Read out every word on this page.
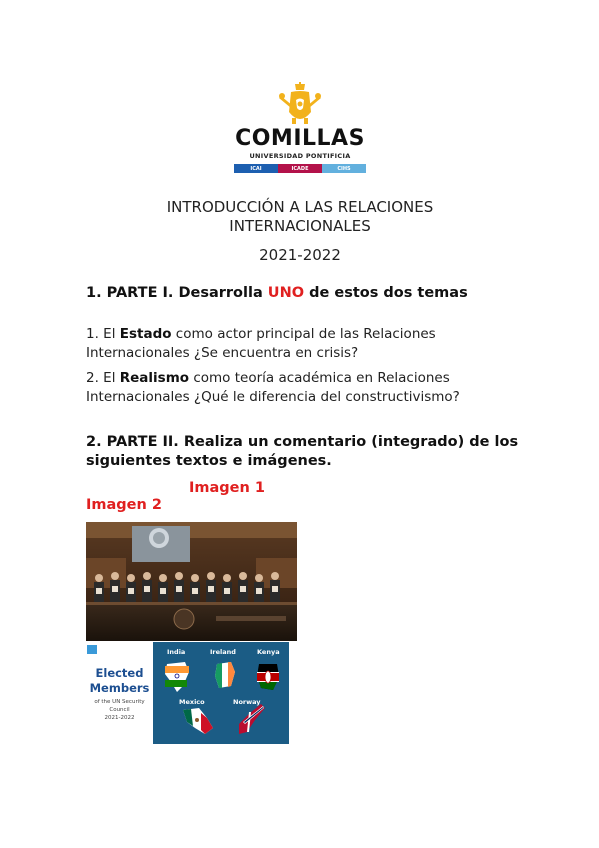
COMILLAS
UNIVERSIDAD PONTIFICIA
ICAI	ICADE	CIHS
INTRODUCCIÓN A LAS RELACIONES
INTERNACIONALES
2021-2022
1. PARTE I. Desarrolla UNO de estos dos temas
1. El Estado como actor principal de las Relaciones Internacionales ¿Se encuentra en crisis?
2. El Realismo como teoría académica en Relaciones Internacionales ¿Qué le diferencia del constructivismo?
2. PARTE II. Realiza un comentario (integrado) de los siguientes textos e imágenes.
Imagen 1
Imagen 2
Elected
Members
of the UN Security
Council
2021-2022
India	Ireland	Kenya
Mexico	Norway
